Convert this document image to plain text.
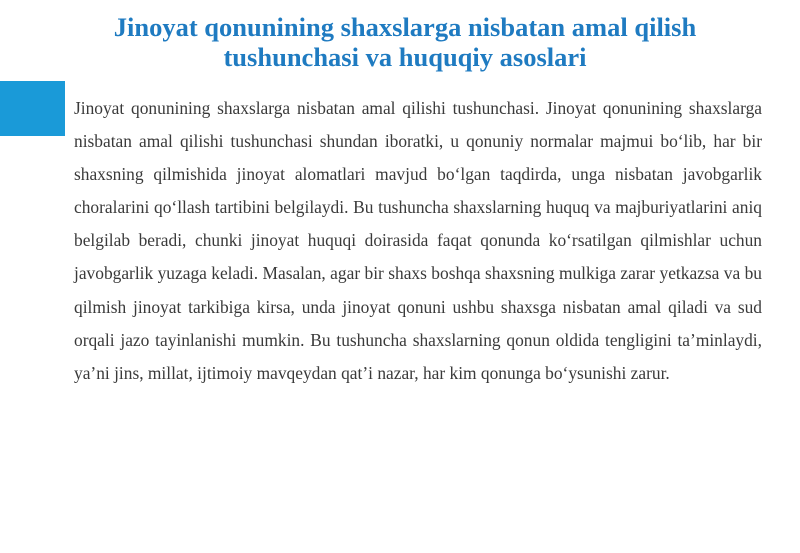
Jinoyat qonunining shaxslarga nisbatan amal qilish tushunchasi va huquqiy asoslari

Jinoyat qonunining shaxslarga nisbatan amal qilishi tushunchasi. Jinoyat qonunining shaxslarga nisbatan amal qilishi tushunchasi shundan iboratki, u qonuniy normalar majmui bo‘lib, har bir shaxsning qilmishida jinoyat alomatlari mavjud bo‘lgan taqdirda, unga nisbatan javobgarlik choralarini qo‘llash tartibini belgilaydi. Bu tushuncha shaxslarning huquq va majburiyatlarini aniq belgilab beradi, chunki jinoyat huquqi doirasida faqat qonunda ko‘rsatilgan qilmishlar uchun javobgarlik yuzaga keladi. Masalan, agar bir shaxs boshqa shaxsning mulkiga zarar yetkazsa va bu qilmish jinoyat tarkibiga kirsa, unda jinoyat qonuni ushbu shaxsga nisbatan amal qiladi va sud orqali jazo tayinlanishi mumkin. Bu tushuncha shaxslarning qonun oldida tengligini ta’minlaydi, ya’ni jins, millat, ijtimoiy mavqeydan qat’i nazar, har kim qonunga bo‘ysunishi zarur.
